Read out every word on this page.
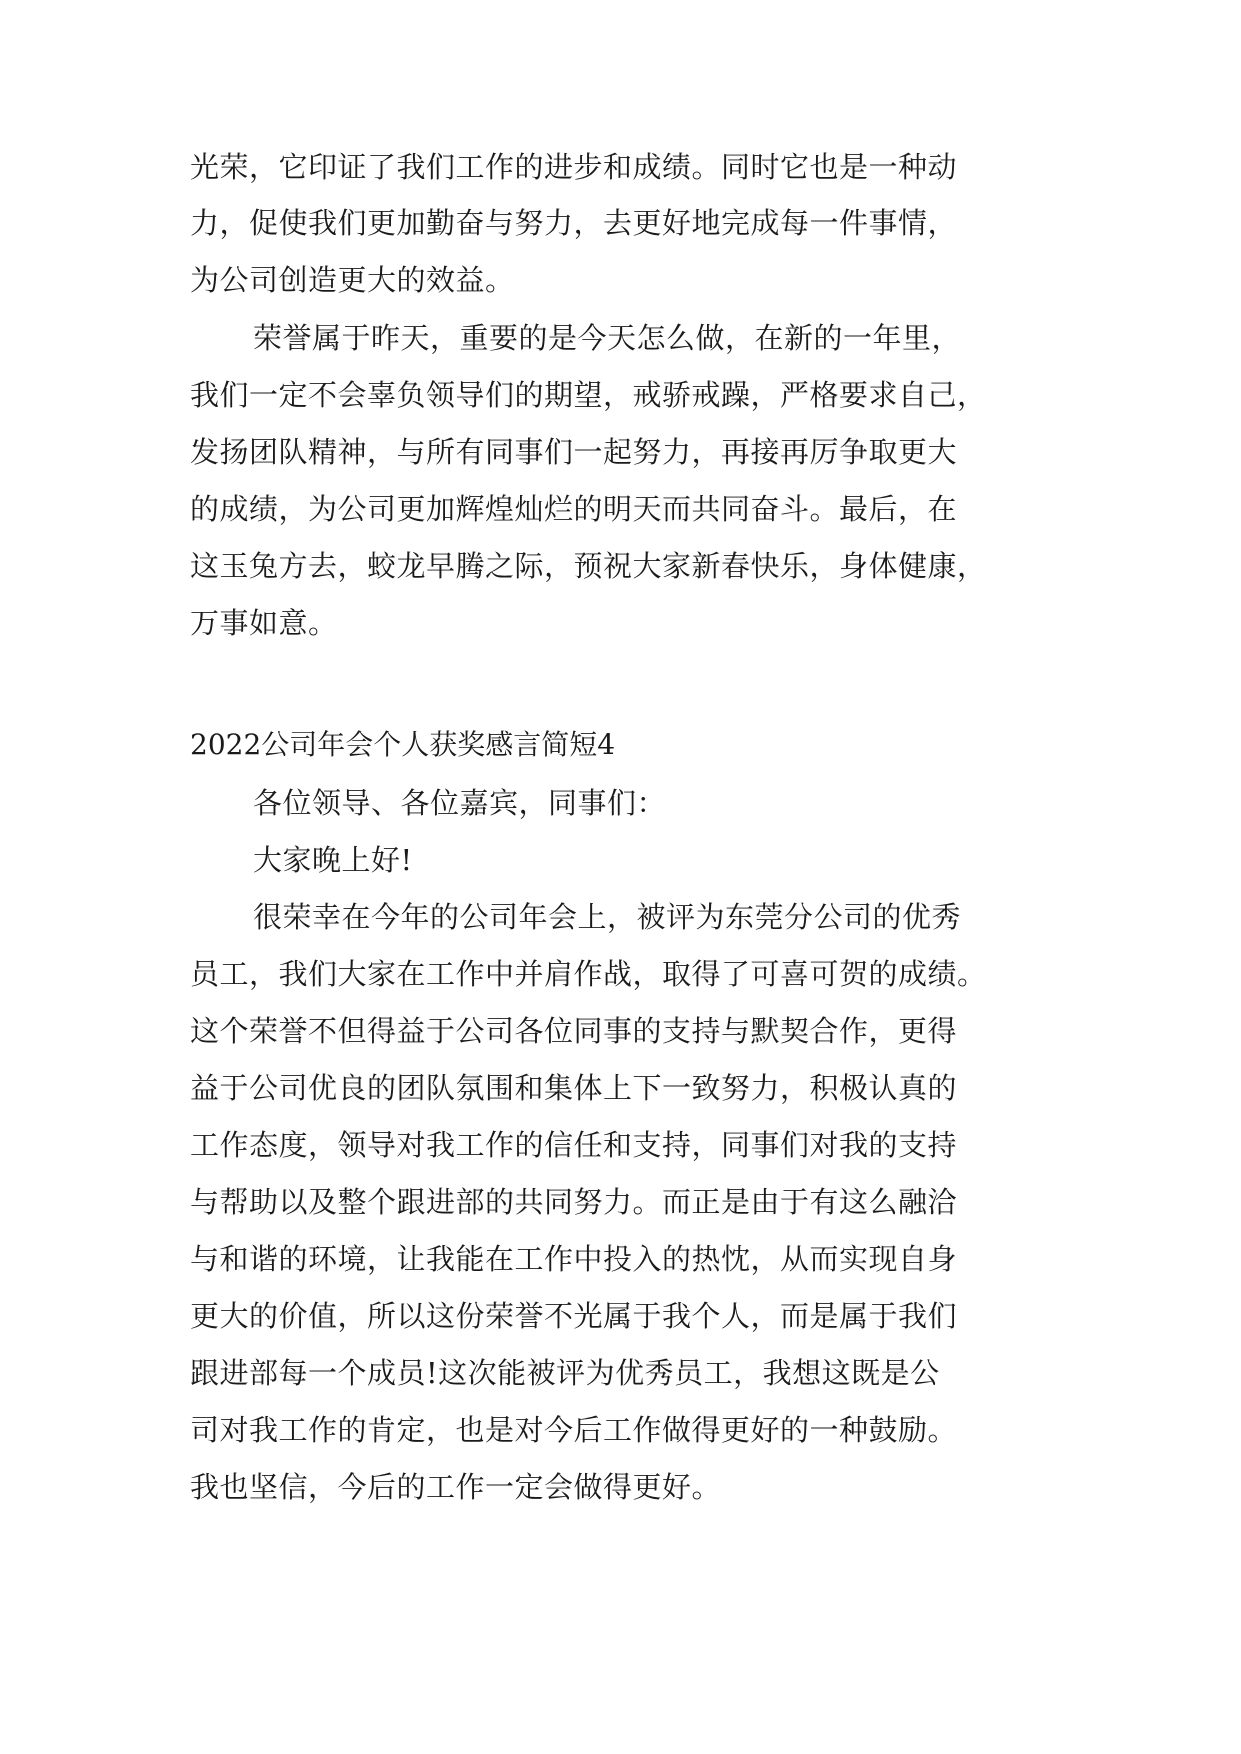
光荣，它印证了我们工作的进步和成绩。同时它也是一种动
力，促使我们更加勤奋与努力，去更好地完成每一件事情，
为公司创造更大的效益。
荣誉属于昨天，重要的是今天怎么做，在新的一年里，
我们一定不会辜负领导们的期望，戒骄戒躁，严格要求自己，
发扬团队精神，与所有同事们一起努力，再接再厉争取更大
的成绩，为公司更加辉煌灿烂的明天而共同奋斗。最后，在
这玉兔方去，蛟龙早腾之际，预祝大家新春快乐，身体健康，
万事如意。
2022公司年会个人获奖感言简短4
各位领导、各位嘉宾，同事们：
大家晚上好!
很荣幸在今年的公司年会上，被评为东莞分公司的优秀
员工，我们大家在工作中并肩作战，取得了可喜可贺的成绩。
这个荣誉不但得益于公司各位同事的支持与默契合作，更得
益于公司优良的团队氛围和集体上下一致努力，积极认真的
工作态度，领导对我工作的信任和支持，同事们对我的支持
与帮助以及整个跟进部的共同努力。而正是由于有这么融洽
与和谐的环境，让我能在工作中投入的热忱，从而实现自身
更大的价值，所以这份荣誉不光属于我个人，而是属于我们
跟进部每一个成员!这次能被评为优秀员工，我想这既是公
司对我工作的肯定，也是对今后工作做得更好的一种鼓励。
我也坚信，今后的工作一定会做得更好。
